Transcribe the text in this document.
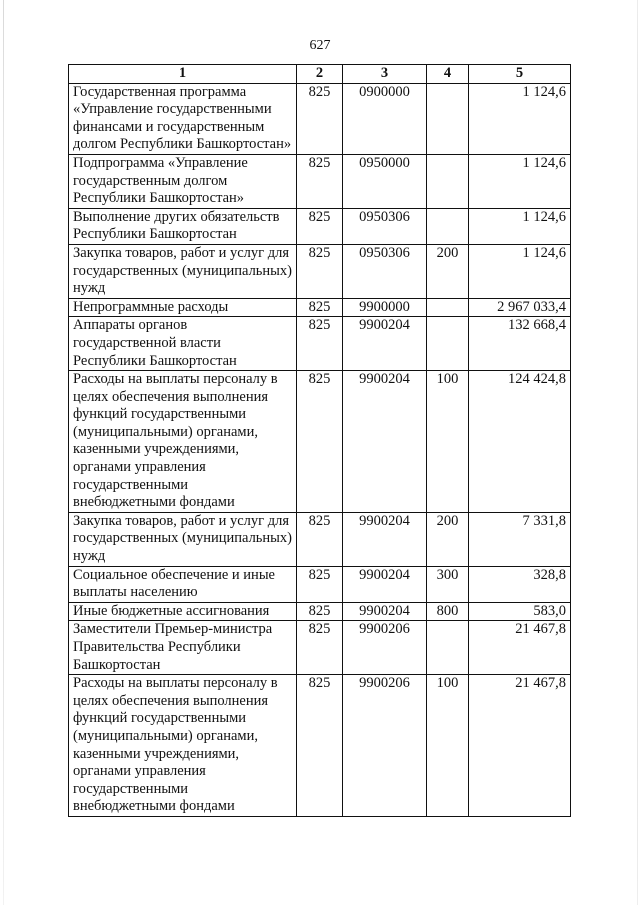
627
1	2	3	4	5
Государственная программа «Управление государственными финансами и государственным долгом Республики Башкортостан»	825	0900000		1 124,6
Подпрограмма «Управление государственным долгом Республики Башкортостан»	825	0950000		1 124,6
Выполнение других обязательств Республики Башкортостан	825	0950306		1 124,6
Закупка товаров, работ и услуг для государственных (муниципальных) нужд	825	0950306	200	1 124,6
Непрограммные расходы	825	9900000		2 967 033,4
Аппараты органов государственной власти Республики Башкортостан	825	9900204		132 668,4
Расходы на выплаты персоналу в целях обеспечения выполнения функций государственными (муниципальными) органами, казенными учреждениями, органами управления государственными внебюджетными фондами	825	9900204	100	124 424,8
Закупка товаров, работ и услуг для государственных (муниципальных) нужд	825	9900204	200	7 331,8
Социальное обеспечение и иные выплаты населению	825	9900204	300	328,8
Иные бюджетные ассигнования	825	9900204	800	583,0
Заместители Премьер-министра Правительства Республики Башкортостан	825	9900206		21 467,8
Расходы на выплаты персоналу в целях обеспечения выполнения функций государственными (муниципальными) органами, казенными учреждениями, органами управления государственными внебюджетными фондами	825	9900206	100	21 467,8
